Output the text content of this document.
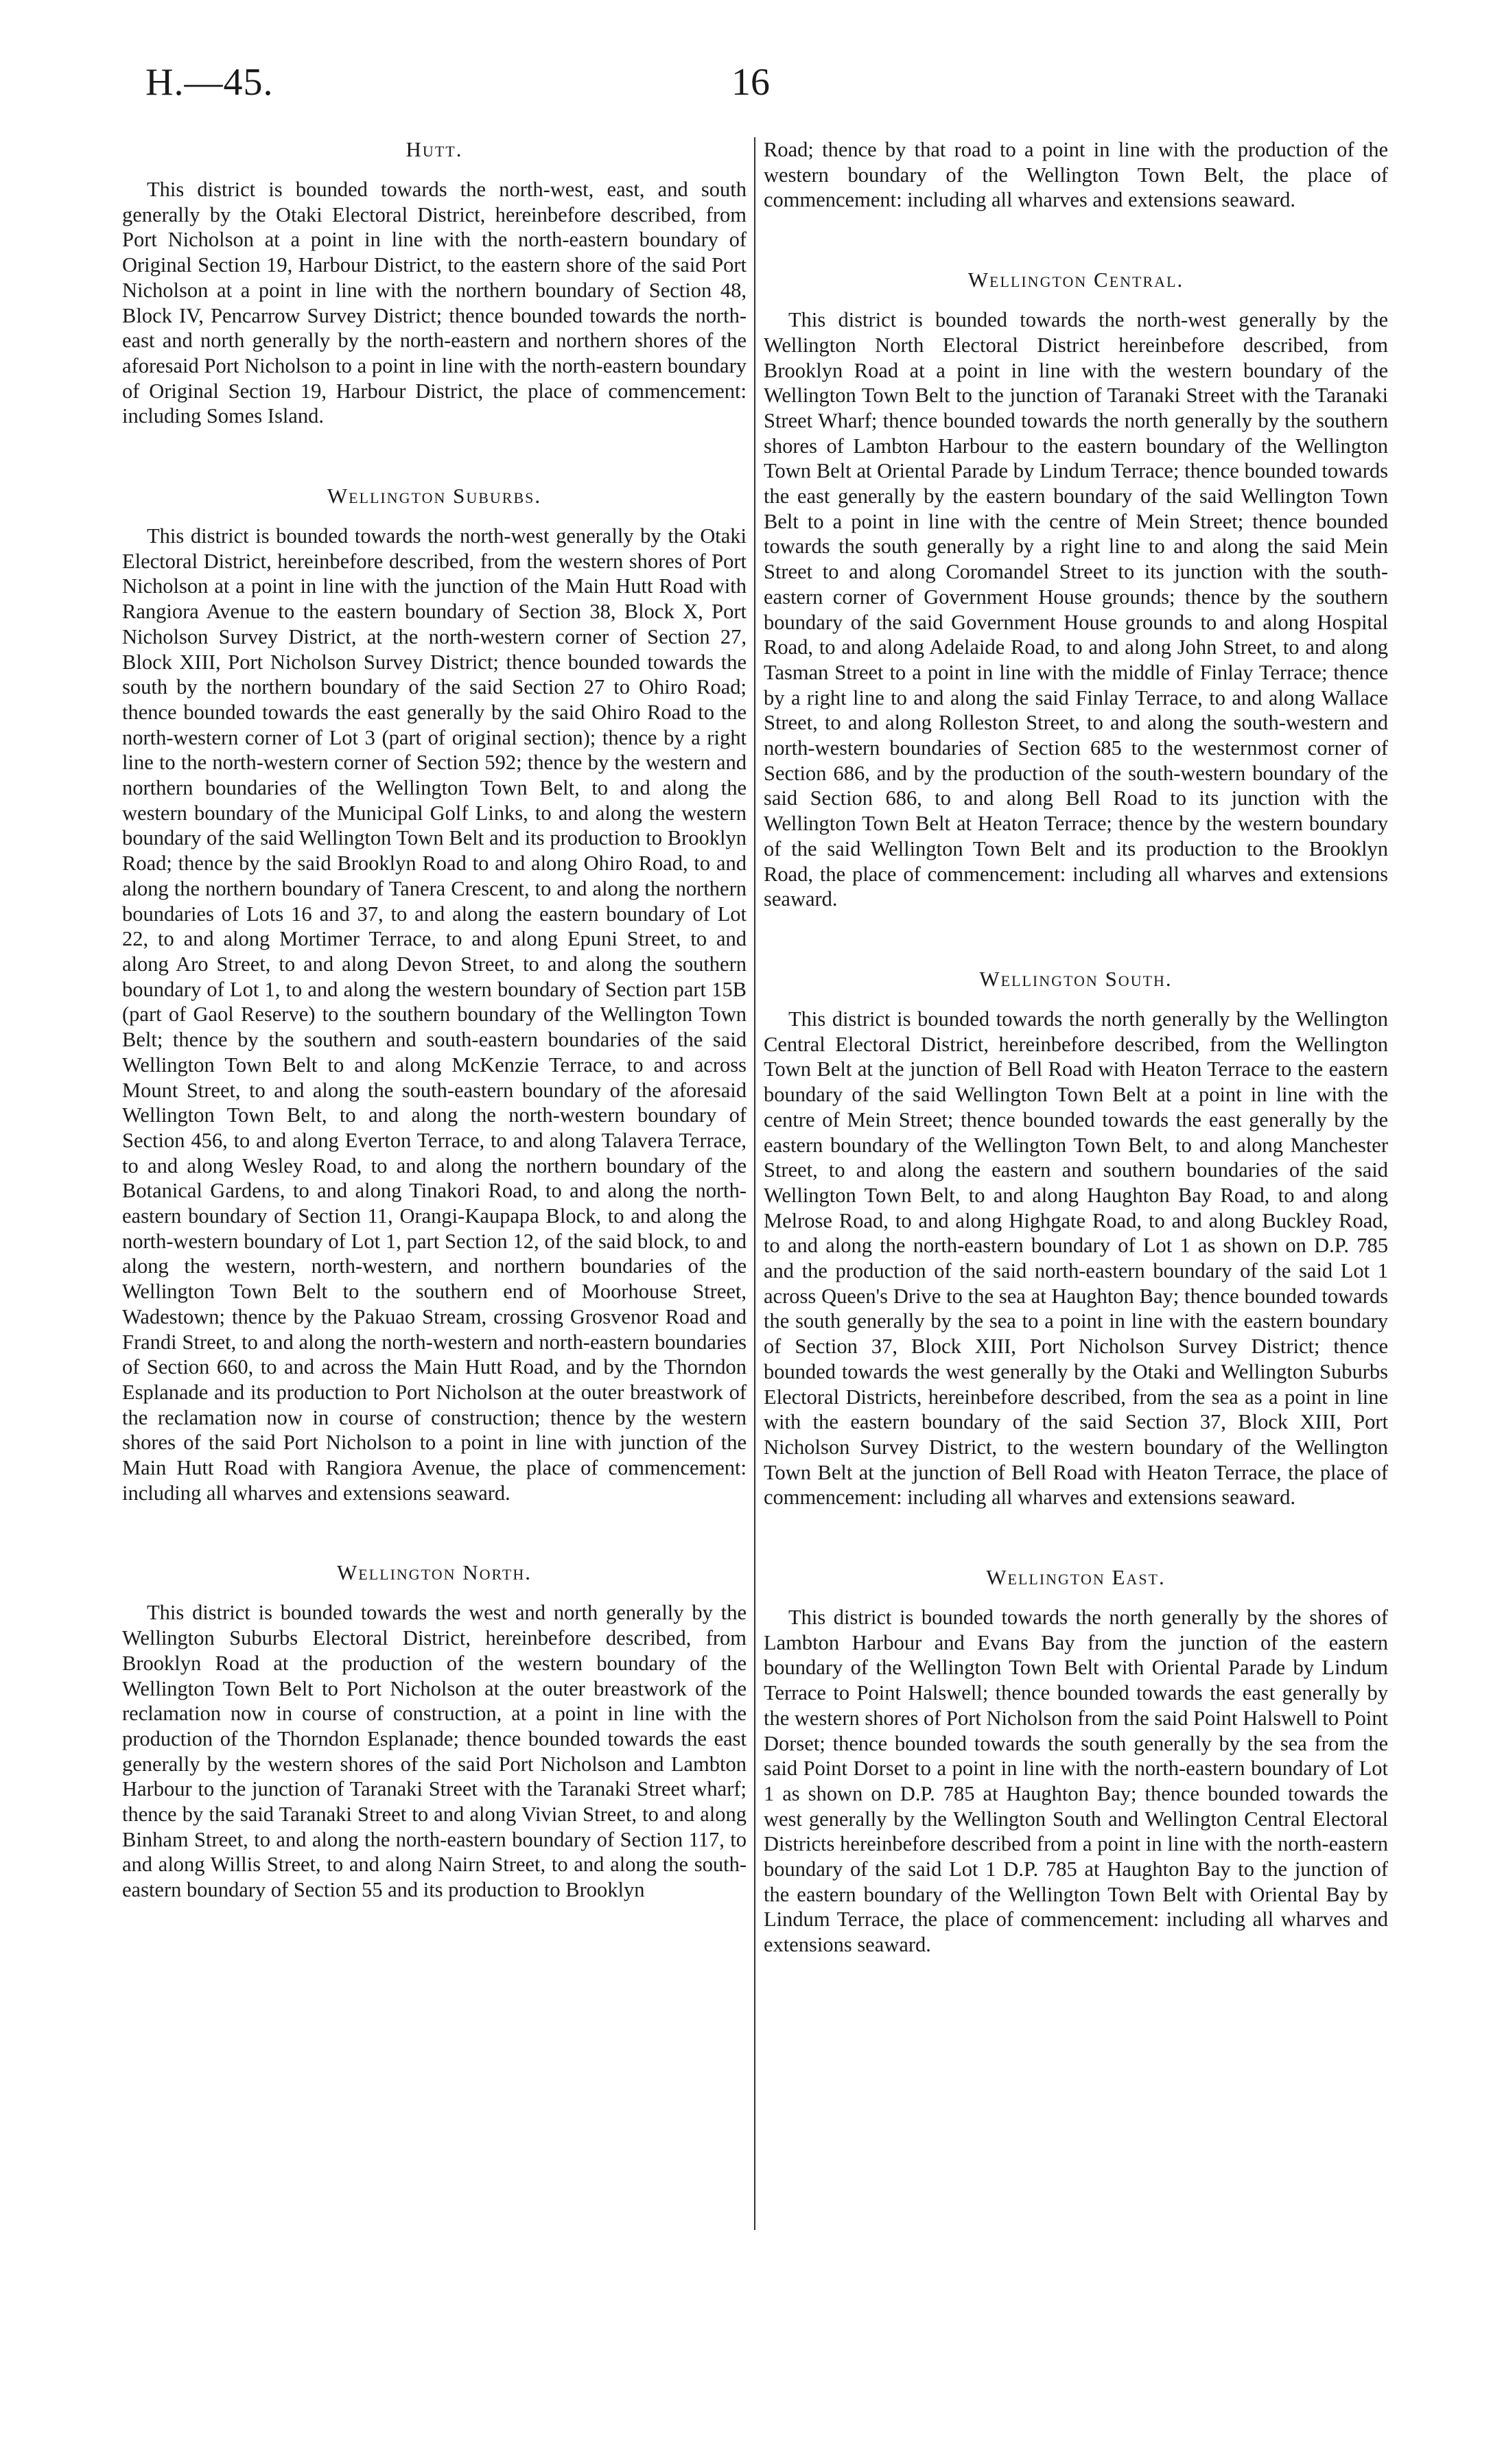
H.—45.	16
Hutt.

This district is bounded towards the north-west, east, and south generally by the Otaki Electoral District, hereinbefore described, from Port Nicholson at a point in line with the north-eastern boundary of Original Section 19, Harbour District, to the eastern shore of the said Port Nicholson at a point in line with the northern boundary of Section 48, Block IV, Pencarrow Survey District; thence bounded towards the north-east and north generally by the north-eastern and northern shores of the aforesaid Port Nicholson to a point in line with the north-eastern boundary of Original Section 19, Harbour District, the place of commencement: including Somes Island.

Wellington Suburbs.

This district is bounded towards the north-west generally by the Otaki Electoral District, hereinbefore described, from the western shores of Port Nicholson at a point in line with the junction of the Main Hutt Road with Rangiora Avenue to the eastern boundary of Section 38, Block X, Port Nicholson Survey District, at the north-western corner of Section 27, Block XIII, Port Nicholson Survey District; thence bounded towards the south by the northern boundary of the said Section 27 to Ohiro Road; thence bounded towards the east generally by the said Ohiro Road to the north-western corner of Lot 3 (part of original section); thence by a right line to the north-western corner of Section 592; thence by the western and northern boundaries of the Wellington Town Belt, to and along the western boundary of the Municipal Golf Links, to and along the western boundary of the said Wellington Town Belt and its production to Brooklyn Road; thence by the said Brooklyn Road to and along Ohiro Road, to and along the northern boundary of Tanera Crescent, to and along the northern boundaries of Lots 16 and 37, to and along the eastern boundary of Lot 22, to and along Mortimer Terrace, to and along Epuni Street, to and along Aro Street, to and along Devon Street, to and along the southern boundary of Lot 1, to and along the western boundary of Section part 15B (part of Gaol Reserve) to the southern boundary of the Wellington Town Belt; thence by the southern and south-eastern boundaries of the said Wellington Town Belt to and along McKenzie Terrace, to and across Mount Street, to and along the south-eastern boundary of the aforesaid Wellington Town Belt, to and along the north-western boundary of Section 456, to and along Everton Terrace, to and along Talavera Terrace, to and along Wesley Road, to and along the northern boundary of the Botanical Gardens, to and along Tinakori Road, to and along the north-eastern boundary of Section 11, Orangi-Kaupapa Block, to and along the north-western boundary of Lot 1, part Section 12, of the said block, to and along the western, north-western, and northern boundaries of the Wellington Town Belt to the southern end of Moorhouse Street, Wadestown; thence by the Pakuao Stream, crossing Grosvenor Road and Frandi Street, to and along the north-western and north-eastern boundaries of Section 660, to and across the Main Hutt Road, and by the Thorndon Esplanade and its production to Port Nicholson at the outer breastwork of the reclamation now in course of construction; thence by the western shores of the said Port Nicholson to a point in line with junction of the Main Hutt Road with Rangiora Avenue, the place of commencement: including all wharves and extensions seaward.

Wellington North.

This district is bounded towards the west and north generally by the Wellington Suburbs Electoral District, hereinbefore described, from Brooklyn Road at the production of the western boundary of the Wellington Town Belt to Port Nicholson at the outer breastwork of the reclamation now in course of construction, at a point in line with the production of the Thorndon Esplanade; thence bounded towards the east generally by the western shores of the said Port Nicholson and Lambton Harbour to the junction of Taranaki Street with the Taranaki Street wharf; thence by the said Taranaki Street to and along Vivian Street, to and along Binham Street, to and along the north-eastern boundary of Section 117, to and along Willis Street, to and along Nairn Street, to and along the south-eastern boundary of Section 55 and its production to Brooklyn

Road; thence by that road to a point in line with the production of the western boundary of the Wellington Town Belt, the place of commencement: including all wharves and extensions seaward.

Wellington Central.

This district is bounded towards the north-west generally by the Wellington North Electoral District hereinbefore described, from Brooklyn Road at a point in line with the western boundary of the Wellington Town Belt to the junction of Taranaki Street with the Taranaki Street Wharf; thence bounded towards the north generally by the southern shores of Lambton Harbour to the eastern boundary of the Wellington Town Belt at Oriental Parade by Lindum Terrace; thence bounded towards the east generally by the eastern boundary of the said Wellington Town Belt to a point in line with the centre of Mein Street; thence bounded towards the south generally by a right line to and along the said Mein Street to and along Coromandel Street to its junction with the south-eastern corner of Government House grounds; thence by the southern boundary of the said Government House grounds to and along Hospital Road, to and along Adelaide Road, to and along John Street, to and along Tasman Street to a point in line with the middle of Finlay Terrace; thence by a right line to and along the said Finlay Terrace, to and along Wallace Street, to and along Rolleston Street, to and along the south-western and north-western boundaries of Section 685 to the westernmost corner of Section 686, and by the production of the south-western boundary of the said Section 686, to and along Bell Road to its junction with the Wellington Town Belt at Heaton Terrace; thence by the western boundary of the said Wellington Town Belt and its production to the Brooklyn Road, the place of commencement: including all wharves and extensions seaward.

Wellington South.

This district is bounded towards the north generally by the Wellington Central Electoral District, hereinbefore described, from the Wellington Town Belt at the junction of Bell Road with Heaton Terrace to the eastern boundary of the said Wellington Town Belt at a point in line with the centre of Mein Street; thence bounded towards the east generally by the eastern boundary of the Wellington Town Belt, to and along Manchester Street, to and along the eastern and southern boundaries of the said Wellington Town Belt, to and along Haughton Bay Road, to and along Melrose Road, to and along Highgate Road, to and along Buckley Road, to and along the north-eastern boundary of Lot 1 as shown on D.P. 785 and the production of the said north-eastern boundary of the said Lot 1 across Queen's Drive to the sea at Haughton Bay; thence bounded towards the south generally by the sea to a point in line with the eastern boundary of Section 37, Block XIII, Port Nicholson Survey District; thence bounded towards the west generally by the Otaki and Wellington Suburbs Electoral Districts, hereinbefore described, from the sea as a point in line with the eastern boundary of the said Section 37, Block XIII, Port Nicholson Survey District, to the western boundary of the Wellington Town Belt at the junction of Bell Road with Heaton Terrace, the place of commencement: including all wharves and extensions seaward.

Wellington East.

This district is bounded towards the north generally by the shores of Lambton Harbour and Evans Bay from the junction of the eastern boundary of the Wellington Town Belt with Oriental Parade by Lindum Terrace to Point Halswell; thence bounded towards the east generally by the western shores of Port Nicholson from the said Point Halswell to Point Dorset; thence bounded towards the south generally by the sea from the said Point Dorset to a point in line with the north-eastern boundary of Lot 1 as shown on D.P. 785 at Haughton Bay; thence bounded towards the west generally by the Wellington South and Wellington Central Electoral Districts hereinbefore described from a point in line with the north-eastern boundary of the said Lot 1 D.P. 785 at Haughton Bay to the junction of the eastern boundary of the Wellington Town Belt with Oriental Bay by Lindum Terrace, the place of commencement: including all wharves and extensions seaward.
